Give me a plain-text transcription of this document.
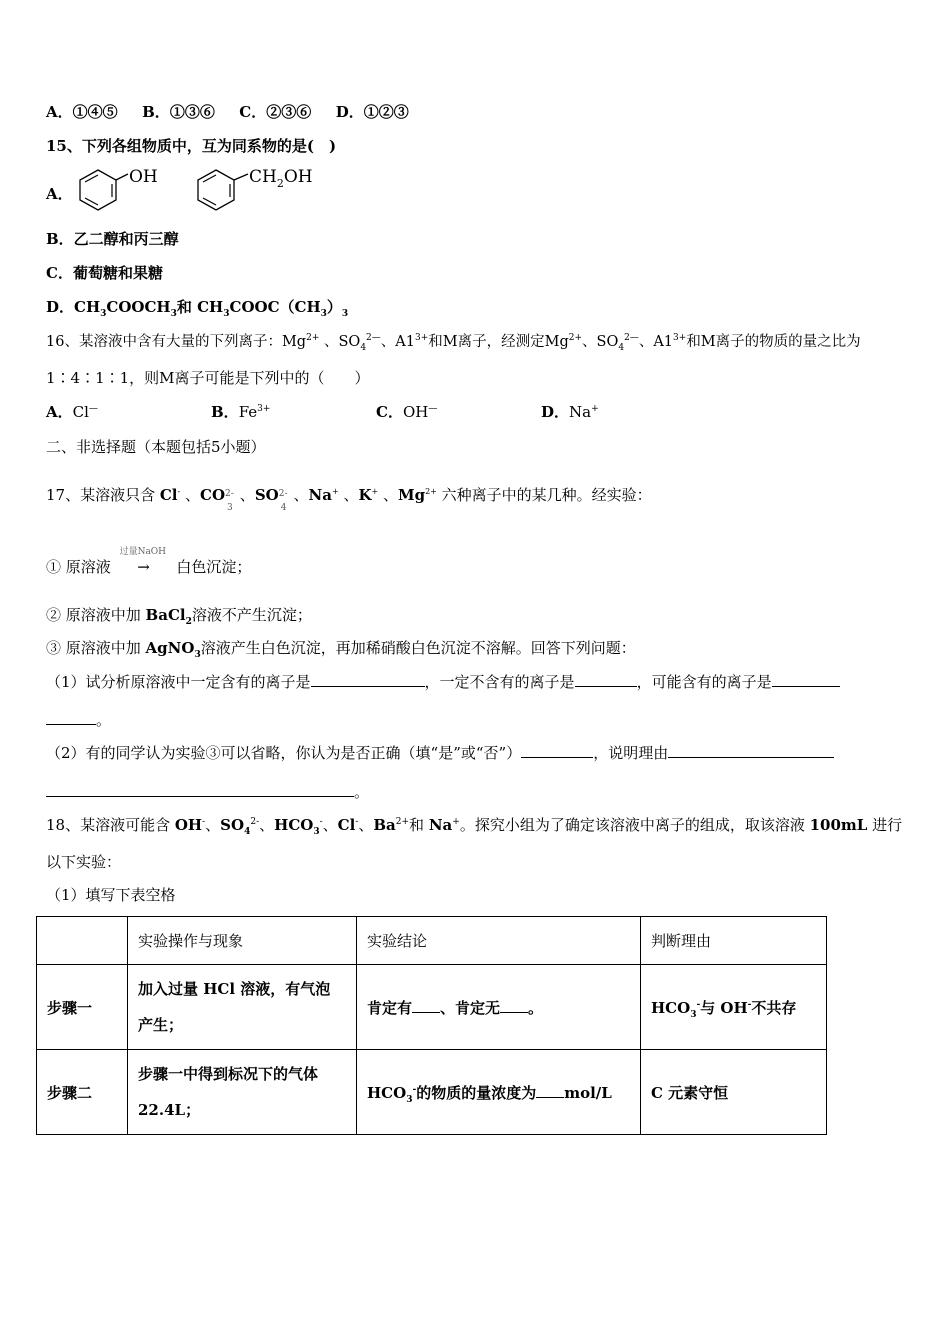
A．①④⑤ B．①③⑥ C．②③⑥ D．①②③
15、下列各组物质中，互为同系物的是(　)
A．
OH	$CH_2OH$
B．乙二醇和丙三醇
C．葡萄糖和果糖
D．$CH_3COOCH_3$和 $CH_3COOC(CH_3)_3$
16、某溶液中含有大量的下列离子：$Mg^{2+}$ 、$SO_4^{2—}$、$A1^{3+}$和M离子，经测定$Mg^{2+}$、$SO_4^{2—}$、$A1^{3+}$和M离子的物质的量之比为
1∶4∶1∶1，则M离子可能是下列中的（　　）
A．Cl—	B．$Fe^{3+}$	C．OH—	D．Na+
二、非选择题（本题包括5小题）
17、某溶液只含 Cl- 、CO 2-
3
、SO 2-
4
、Na+ 、K+ 、$Mg^{2+}$ 六种离子中的某几种。经实验：
① 原溶液
过量NaOH
→ 白色沉淀；
② 原溶液中加 BaCl$_2$溶液不产生沉淀；
③ 原溶液中加 AgNO$_3$溶液产生白色沉淀，再加稀硝酸白色沉淀不溶解。回答下列问题：
（1）试分析原溶液中一定含有的离子是	，一定不含有的离子是	，可能含有的离子是
。
（2）有的同学认为实验③可以省略，你认为是否正确（填“是”或“否”）	，说明理由
。
18、某溶液可能含 OH-、$SO_4^{2-}$、$HCO_3^-$、Cl-、$Ba^{2+}$和 Na+。探究小组为了确定该溶液中离子的组成，取该溶液 100mL 进行
以下实验：
（1）填写下表空格
	实验操作与现象	实验结论	判断理由
步骤一	加入过量 HCl 溶液，有气泡
产生；	肯定有 、肯定无 。	$HCO_3^-$与 OH-不共存
步骤二	步骤一中得到标况下的气体
22.4L；	$HCO_3^-$的物质的量浓度为 mol/L	C 元素守恒
